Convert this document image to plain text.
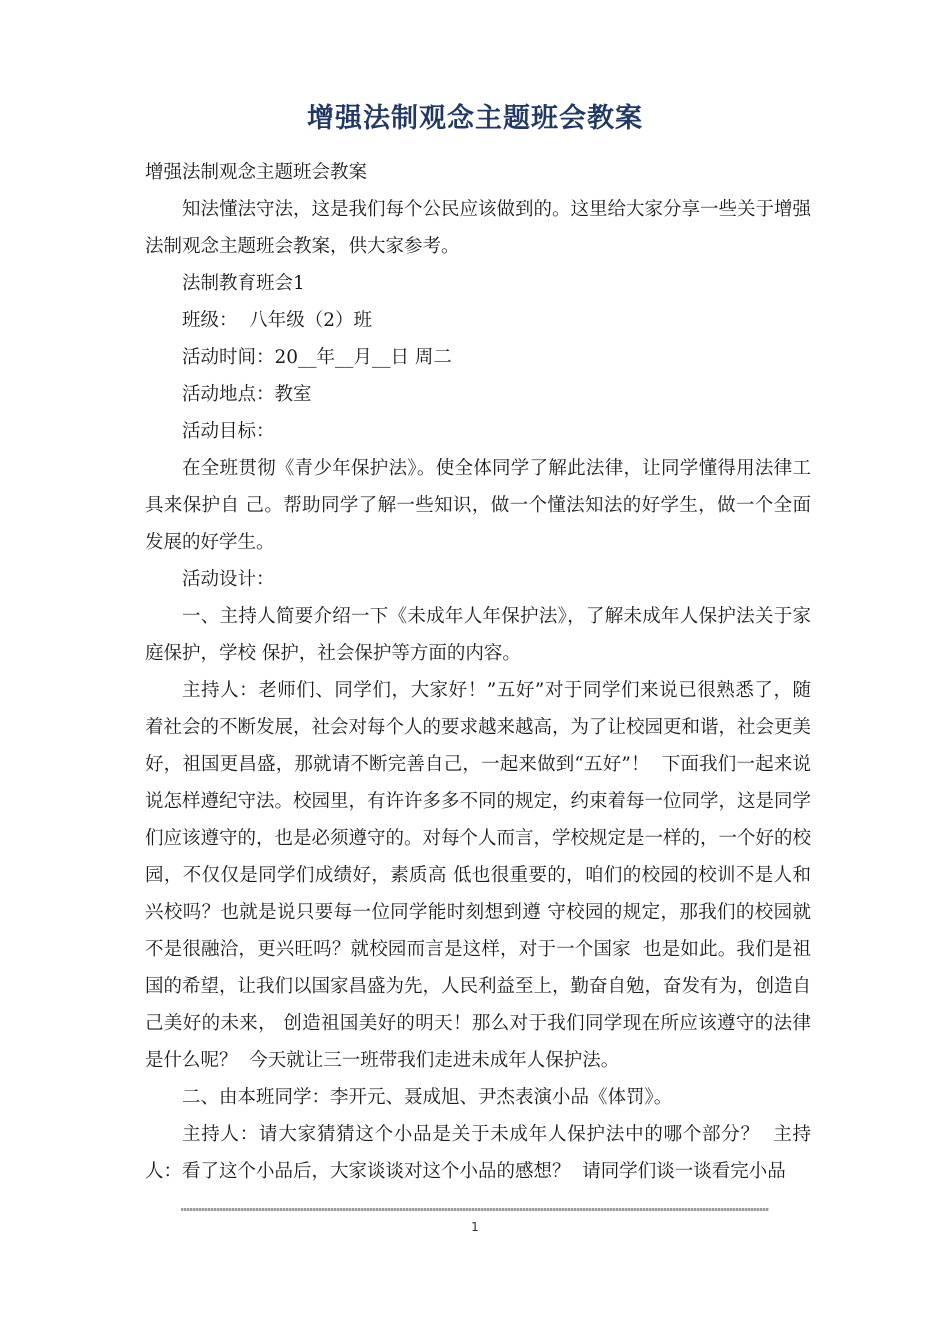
增强法制观念主题班会教案

增强法制观念主题班会教案

知法懂法守法，这是我们每个公民应该做到的。这里给大家分享一些关于增强法制观念主题班会教案，供大家参考。

法制教育班会1

班级：  八年级（2）班

活动时间：20__年__月__日 周二

活动地点：教室

活动目标：

在全班贯彻《青少年保护法》。使全体同学了解此法律，让同学懂得用法律工具来保护自 己。帮助同学了解一些知识，做一个懂法知法的好学生，做一个全面发展的好学生。

活动设计：

一、主持人简要介绍一下《未成年人年保护法》，了解未成年人保护法关于家庭保护，学校 保护，社会保护等方面的内容。

主持人：老师们、同学们，大家好！”五好”对于同学们来说已很熟悉了，随着社会的不断发展，社会对每个人的要求越来越高，为了让校园更和谐，社会更美好，祖国更昌盛，那就请不断完善自己，一起来做到“五好”！  下面我们一起来说说怎样遵纪守法。校园里，有许许多多不同的规定，约束着每一位同学，这是同学们应该遵守的，也是必须遵守的。对每个人而言，学校规定是一样的，一个好的校园，不仅仅是同学们成绩好，素质高 低也很重要的，咱们的校园的校训不是人和兴校吗？也就是说只要每一位同学能时刻想到遵 守校园的规定，那我们的校园就不是很融洽，更兴旺吗？就校园而言是这样，对于一个国家  也是如此。我们是祖国的希望，让我们以国家昌盛为先，人民利益至上，勤奋自勉，奋发有为，创造自 己美好的未来， 创造祖国美好的明天！那么对于我们同学现在所应该遵守的法律是什么呢？  今天就让三一班带我们走进未成年人保护法。

二、由本班同学：李开元、聂成旭、尹杰表演小品《体罚》。

主持人：请大家猜猜这个小品是关于未成年人保护法中的哪个部分？  主持人：看了这个小品后，大家谈谈对这个小品的感想？  请同学们谈一谈看完小品

1
